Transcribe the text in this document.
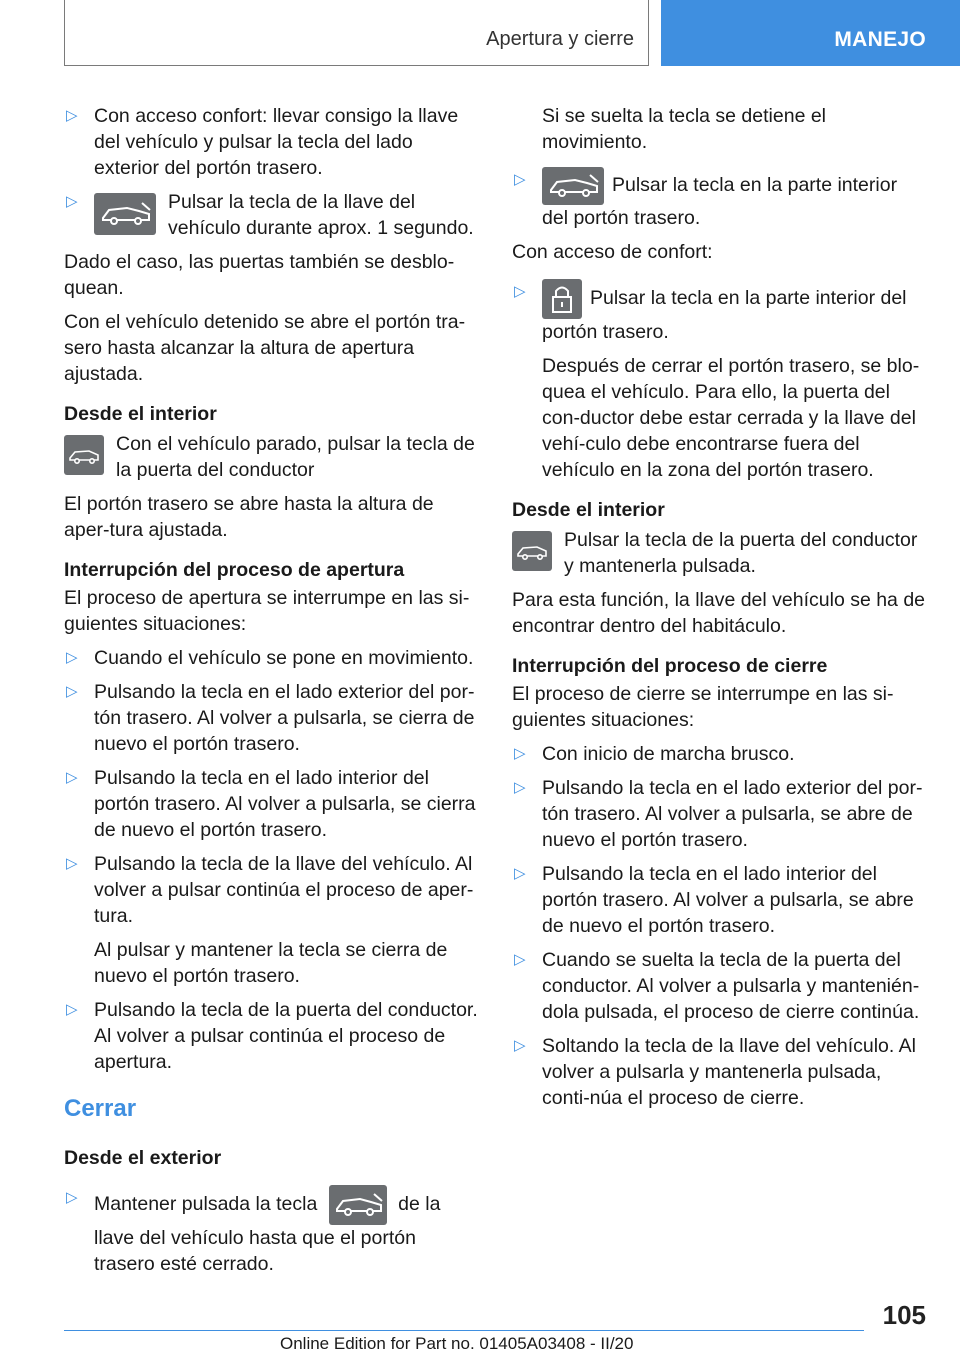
Apertura y cierre	MANEJO
▷ Con acceso confort: llevar consigo la llave del vehículo y pulsar la tecla del lado exterior del portón trasero.
▷	Pulsar la tecla de la llave del vehículo durante aprox. 1 segundo.
Dado el caso, las puertas también se desblo-quean.
Con el vehículo detenido se abre el portón tra-sero hasta alcanzar la altura de apertura ajustada.
Desde el interior
Con el vehículo parado, pulsar la tecla de la puerta del conductor
El portón trasero se abre hasta la altura de aper-tura ajustada.
Interrupción del proceso de apertura
El proceso de apertura se interrumpe en las si-guientes situaciones:
▷ Cuando el vehículo se pone en movimiento.
▷ Pulsando la tecla en el lado exterior del por-tón trasero. Al volver a pulsarla, se cierra de nuevo el portón trasero.
▷ Pulsando la tecla en el lado interior del portón trasero. Al volver a pulsarla, se cierra de nuevo el portón trasero.
▷ Pulsando la tecla de la llave del vehículo. Al volver a pulsar continúa el proceso de aper-tura.
Al pulsar y mantener la tecla se cierra de nuevo el portón trasero.
▷ Pulsando la tecla de la puerta del conductor. Al volver a pulsar continúa el proceso de apertura.
Cerrar
Desde el exterior
▷ Mantener pulsada la tecla	de la llave del vehículo hasta que el portón trasero esté cerrado.
Si se suelta la tecla se detiene el movimiento.
▷	Pulsar la tecla en la parte interior del portón trasero.
Con acceso de confort:
▷	Pulsar la tecla en la parte interior del portón trasero.
Después de cerrar el portón trasero, se blo-quea el vehículo. Para ello, la puerta del con-ductor debe estar cerrada y la llave del vehí-culo debe encontrarse fuera del vehículo en la zona del portón trasero.
Desde el interior
Pulsar la tecla de la puerta del conductor y mantenerla pulsada.
Para esta función, la llave del vehículo se ha de encontrar dentro del habitáculo.
Interrupción del proceso de cierre
El proceso de cierre se interrumpe en las si-guientes situaciones:
▷ Con inicio de marcha brusco.
▷ Pulsando la tecla en el lado exterior del por-tón trasero. Al volver a pulsarla, se abre de nuevo el portón trasero.
▷ Pulsando la tecla en el lado interior del portón trasero. Al volver a pulsarla, se abre de nuevo el portón trasero.
▷ Cuando se suelta la tecla de la puerta del conductor. Al volver a pulsarla y mantenién-dola pulsada, el proceso de cierre continúa.
▷ Soltando la tecla de la llave del vehículo. Al volver a pulsarla y mantenerla pulsada, conti-núa el proceso de cierre.
105
Online Edition for Part no. 01405A03408 - II/20
